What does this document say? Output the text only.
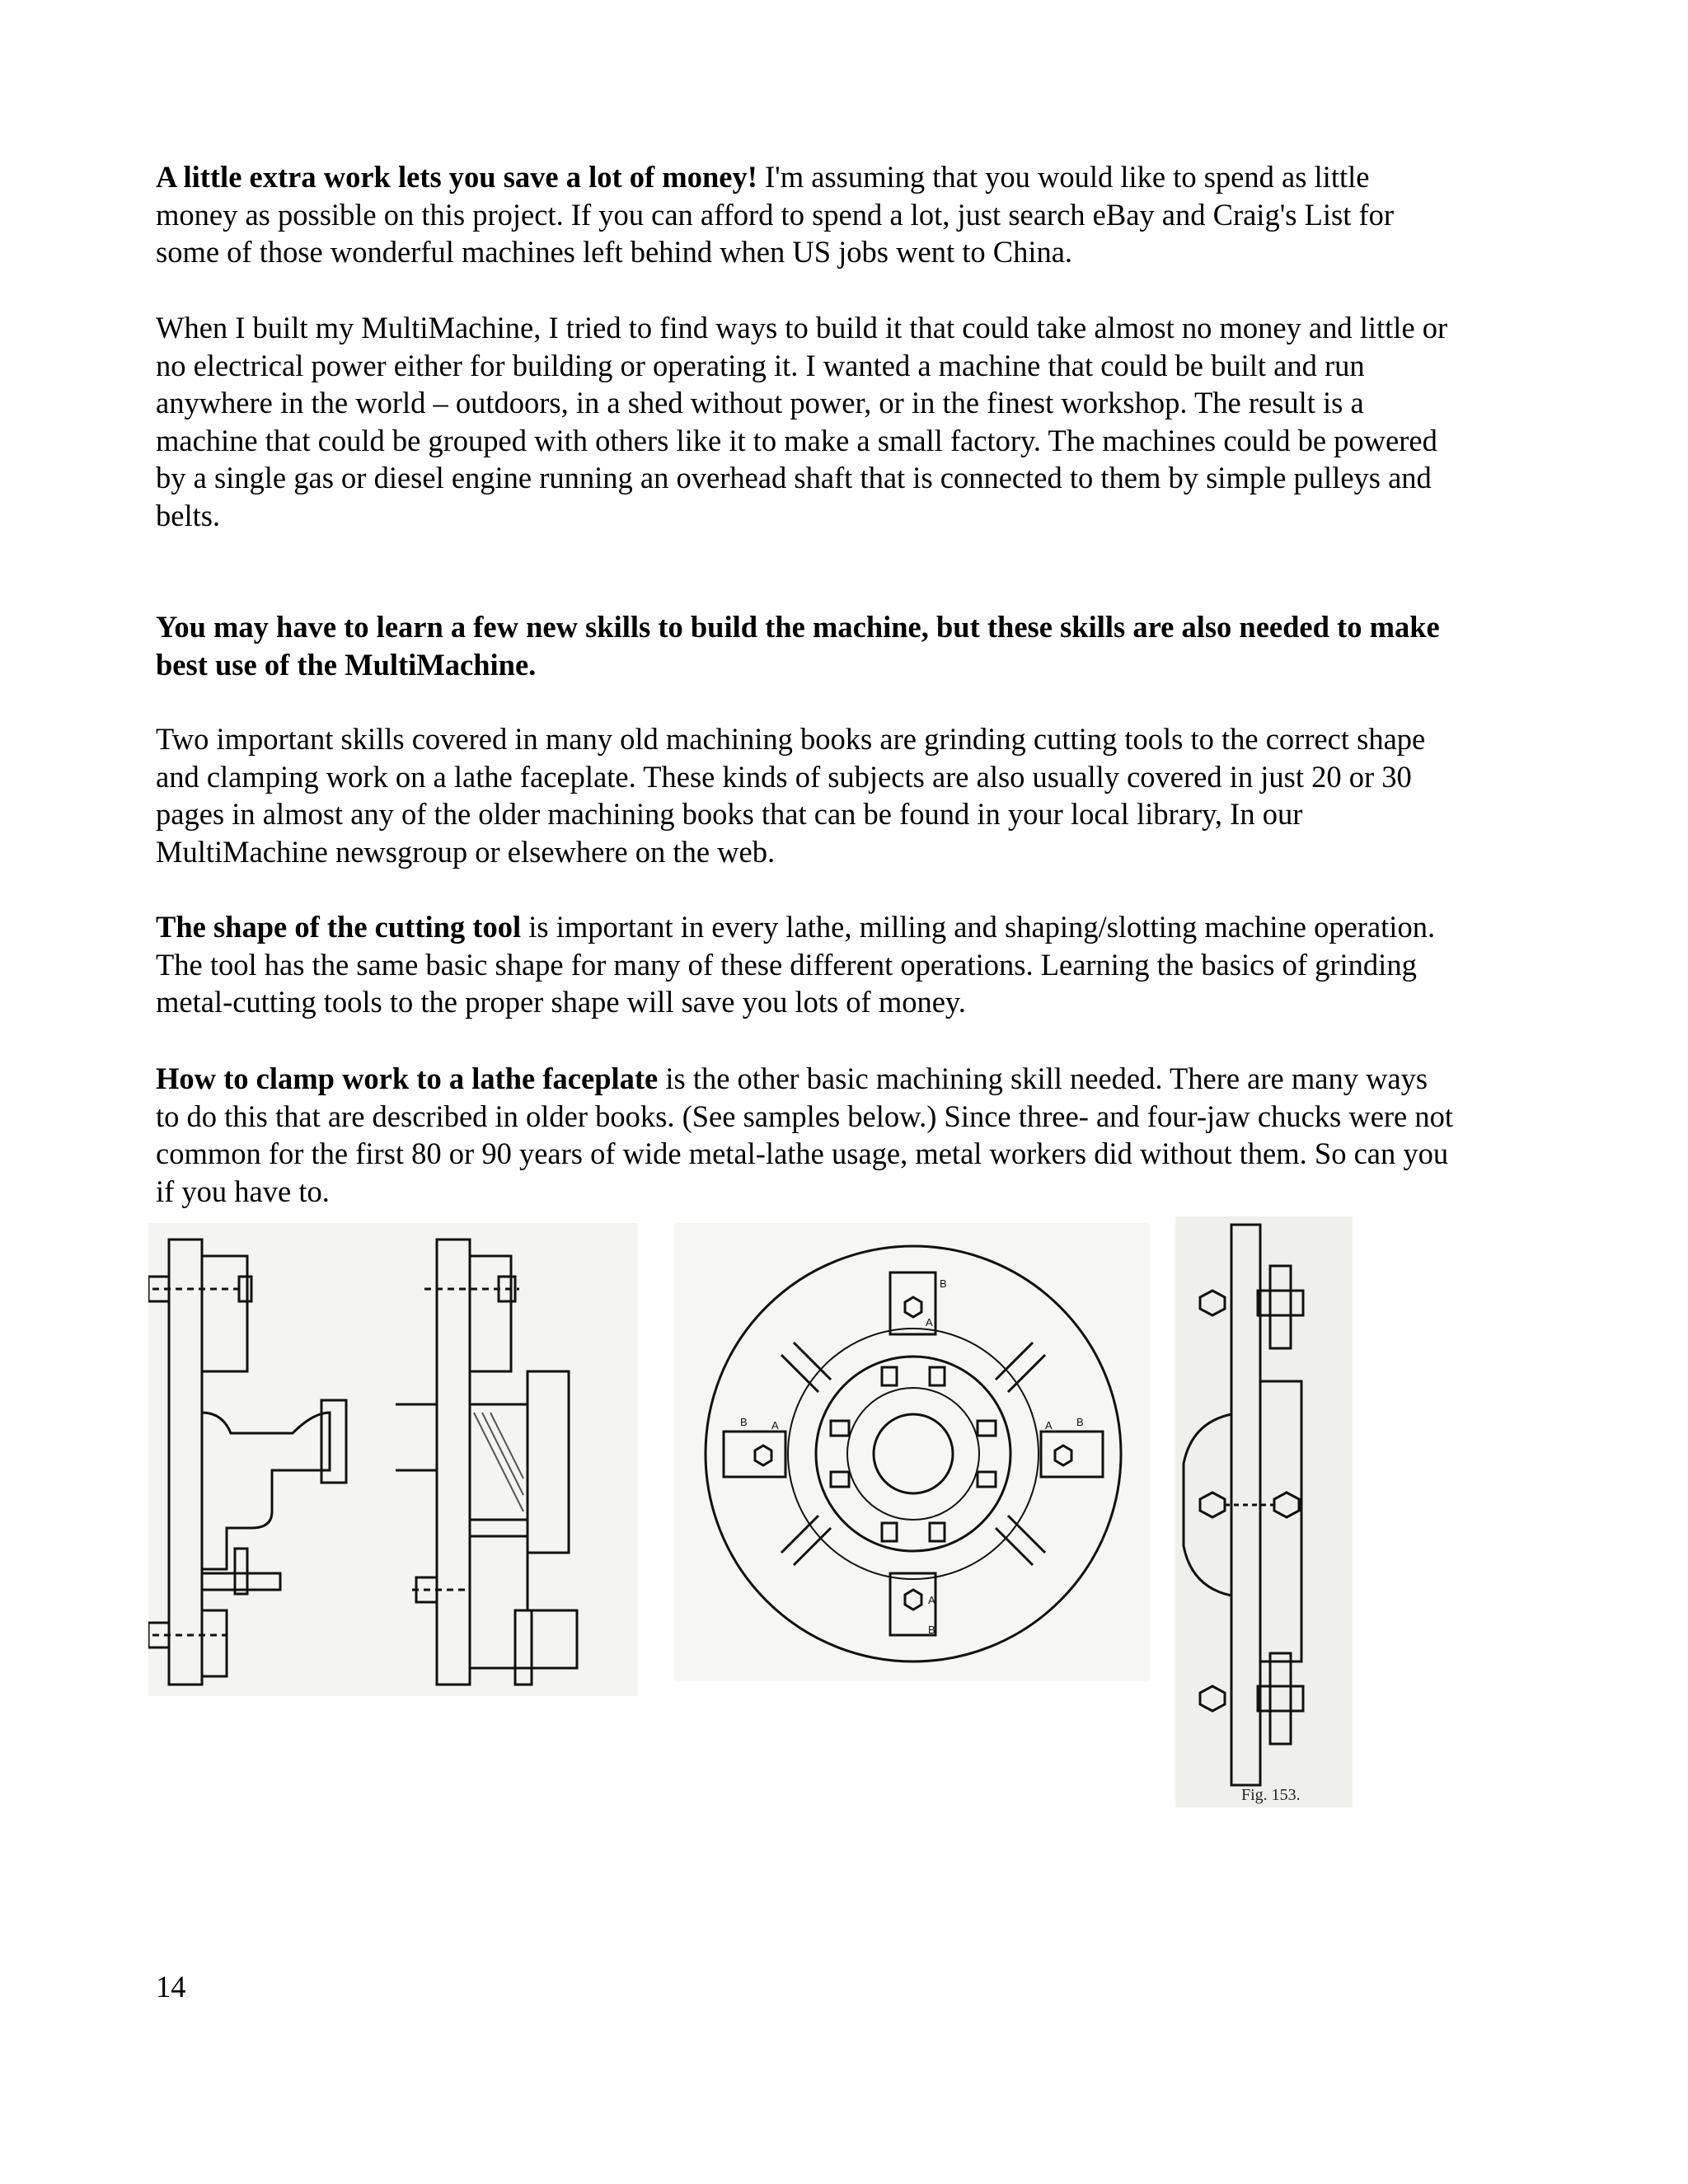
A little extra work lets you save a lot of money! I'm assuming that you would like to spend as little money as possible on this project. If you can afford to spend a lot, just search eBay and Craig's List for some of those wonderful machines left behind when US jobs went to China.

When I built my MultiMachine, I tried to find ways to build it that could take almost no money and little or no electrical power either for building or operating it. I wanted a machine that could be built and run anywhere in the world – outdoors, in a shed without power, or in the finest workshop. The result is a machine that could be grouped with others like it to make a small factory. The machines could be powered by a single gas or diesel engine running an overhead shaft that is connected to them by simple pulleys and belts.

You may have to learn a few new skills to build the machine, but these skills are also needed to make best use of the MultiMachine.

Two important skills covered in many old machining books are grinding cutting tools to the correct shape and clamping work on a lathe faceplate. These kinds of subjects are also usually covered in just 20 or 30 pages in almost any of the older machining books that can be found in your local library, In our MultiMachine newsgroup or elsewhere on the web.

The shape of the cutting tool is important in every lathe, milling and shaping/slotting machine operation. The tool has the same basic shape for many of these different operations. Learning the basics of grinding metal-cutting tools to the proper shape will save you lots of money.

How to clamp work to a lathe faceplate is the other basic machining skill needed. There are many ways to do this that are described in older books. (See samples below.) Since three- and four-jaw chucks were not common for the first 80 or 90 years of wide metal-lathe usage, metal workers did without them. So can you if you have to.

B
A
B A	A B
A
B
Fig. 153.
14
